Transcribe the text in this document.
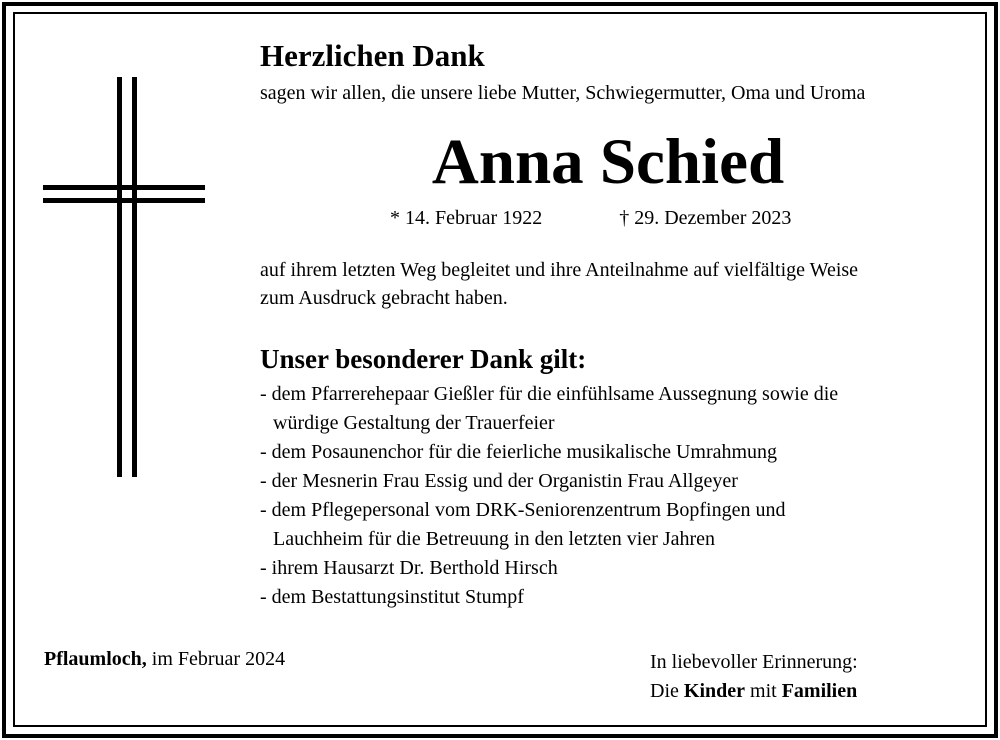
Herzlichen Dank
sagen wir allen, die unsere liebe Mutter, Schwiegermutter, Oma und Uroma
Anna Schied
* 14. Februar 1922	† 29. Dezember 2023
auf ihrem letzten Weg begleitet und ihre Anteilnahme auf vielfältige Weise
zum Ausdruck gebracht haben.
Unser besonderer Dank gilt:
- dem Pfarrerehepaar Gießler für die einfühlsame Aussegnung sowie die
würdige Gestaltung der Trauerfeier
- dem Posaunenchor für die feierliche musikalische Umrahmung
- der Mesnerin Frau Essig und der Organistin Frau Allgeyer
- dem Pflegepersonal vom DRK-Seniorenzentrum Bopfingen und
Lauchheim für die Betreuung in den letzten vier Jahren
- ihrem Hausarzt Dr. Berthold Hirsch
- dem Bestattungsinstitut Stumpf
Pflaumloch, im Februar 2024	In liebevoller Erinnerung:
Die Kinder mit Familien
